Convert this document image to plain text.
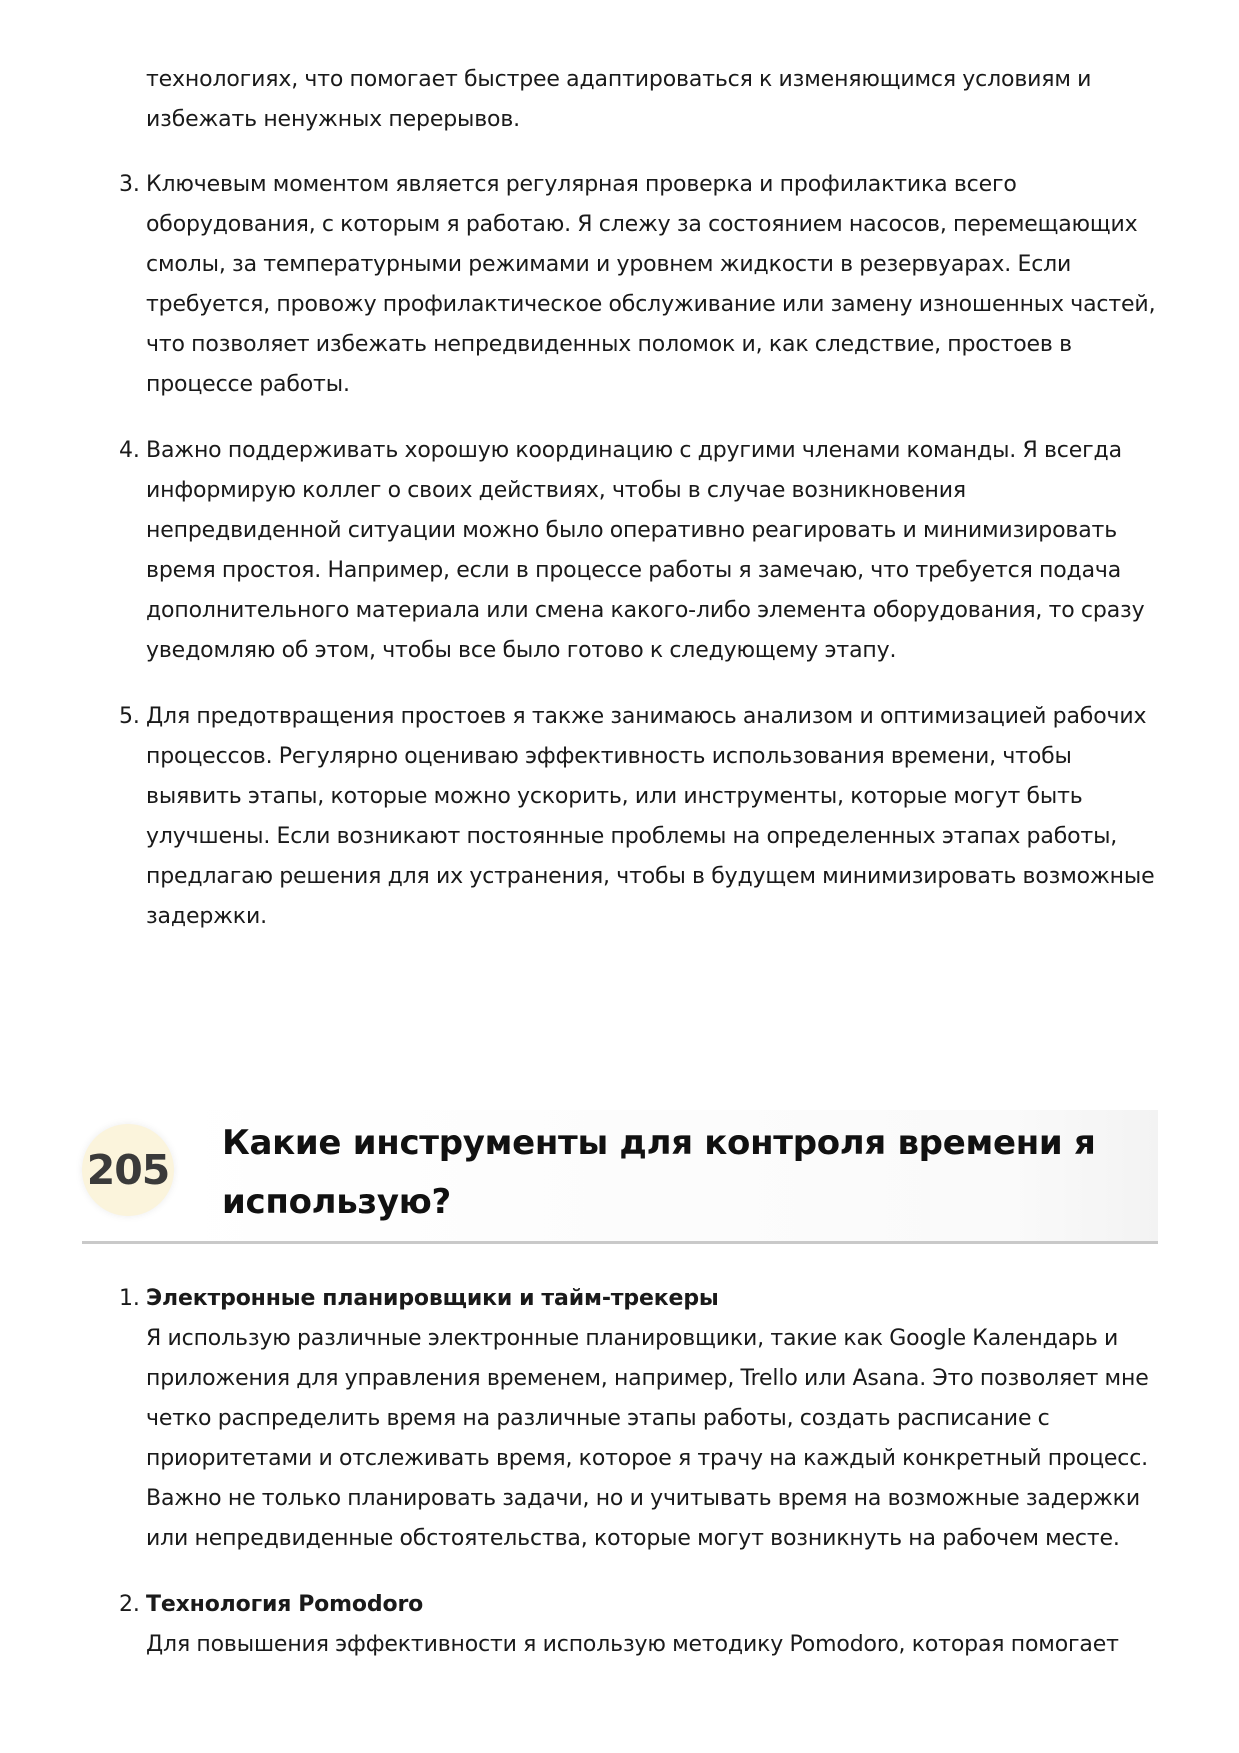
технологиях, что помогает быстрее адаптироваться к изменяющимся условиям и

избежать ненужных перерывов.

3. Ключевым моментом является регулярная проверка и профилактика всего

оборудования, с которым я работаю. Я слежу за состоянием насосов, перемещающих

смолы, за температурными режимами и уровнем жидкости в резервуарах. Если

требуется, провожу профилактическое обслуживание или замену изношенных частей,

что позволяет избежать непредвиденных поломок и, как следствие, простоев в

процессе работы.

4. Важно поддерживать хорошую координацию с другими членами команды. Я всегда

информирую коллег о своих действиях, чтобы в случае возникновения

непредвиденной ситуации можно было оперативно реагировать и минимизировать

время простоя. Например, если в процессе работы я замечаю, что требуется подача

дополнительного материала или смена какого-либо элемента оборудования, то сразу

уведомляю об этом, чтобы все было готово к следующему этапу.

5. Для предотвращения простоев я также занимаюсь анализом и оптимизацией рабочих

процессов. Регулярно оцениваю эффективность использования времени, чтобы

выявить этапы, которые можно ускорить, или инструменты, которые могут быть

улучшены. Если возникают постоянные проблемы на определенных этапах работы,

предлагаю решения для их устранения, чтобы в будущем минимизировать возможные

задержки.

205
Какие инструменты для контроля времени я
использую?
1. Электронные планировщики и тайм-трекеры

Я использую различные электронные планировщики, такие как Google Календарь и

приложения для управления временем, например, Trello или Asana. Это позволяет мне

четко распределить время на различные этапы работы, создать расписание с

приоритетами и отслеживать время, которое я трачу на каждый конкретный процесс.

Важно не только планировать задачи, но и учитывать время на возможные задержки

или непредвиденные обстоятельства, которые могут возникнуть на рабочем месте.

2. Технология Pomodoro

Для повышения эффективности я использую методику Pomodoro, которая помогает
